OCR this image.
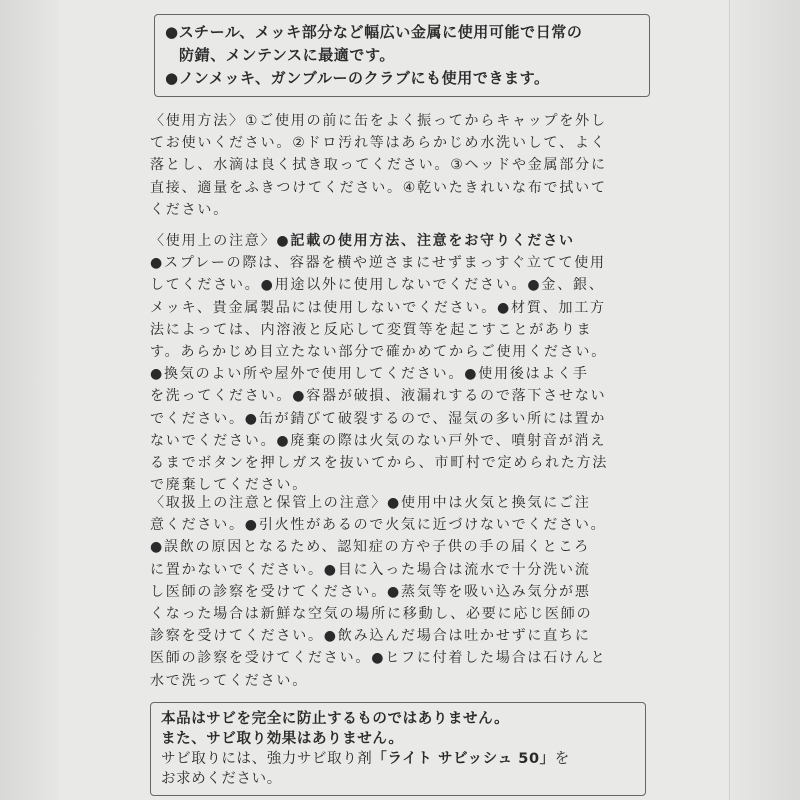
●スチール、メッキ部分など幅広い金属に使用可能で日常の
防錆、メンテンスに最適です。
●ノンメッキ、ガンブルーのクラブにも使用できます。
〈使用方法〉①ご使用の前に缶をよく振ってからキャップを外し
てお使いください。②ドロ汚れ等はあらかじめ水洗いして、よく
落とし、水滴は良く拭き取ってください。③ヘッドや金属部分に
直接、適量をふきつけてください。④乾いたきれいな布で拭いて
ください。
〈使用上の注意〉●記載の使用方法、注意をお守りください
●スプレーの際は、容器を横や逆さまにせずまっすぐ立てて使用
してください。●用途以外に使用しないでください。●金、銀、
メッキ、貴金属製品には使用しないでください。●材質、加工方
法によっては、内溶液と反応して変質等を起こすことがありま
す。あらかじめ目立たない部分で確かめてからご使用ください。
●換気のよい所や屋外で使用してください。●使用後はよく手
を洗ってください。●容器が破損、液漏れするので落下させない
でください。●缶が錆びて破裂するので、湿気の多い所には置か
ないでください。●廃棄の際は火気のない戸外で、噴射音が消え
るまでボタンを押しガスを抜いてから、市町村で定められた方法
で廃棄してください。
〈取扱上の注意と保管上の注意〉●使用中は火気と換気にご注
意ください。●引火性があるので火気に近づけないでください。
●誤飲の原因となるため、認知症の方や子供の手の届くところ
に置かないでください。●目に入った場合は流水で十分洗い流
し医師の診察を受けてください。●蒸気等を吸い込み気分が悪
くなった場合は新鮮な空気の場所に移動し、必要に応じ医師の
診察を受けてください。●飲み込んだ場合は吐かせずに直ちに
医師の診察を受けてください。●ヒフに付着した場合は石けんと
水で洗ってください。
本品はサビを完全に防止するものではありません。
また、サビ取り効果はありません。
サビ取りには、強力サビ取り剤「ライト サビッシュ 50」を
お求めください。
